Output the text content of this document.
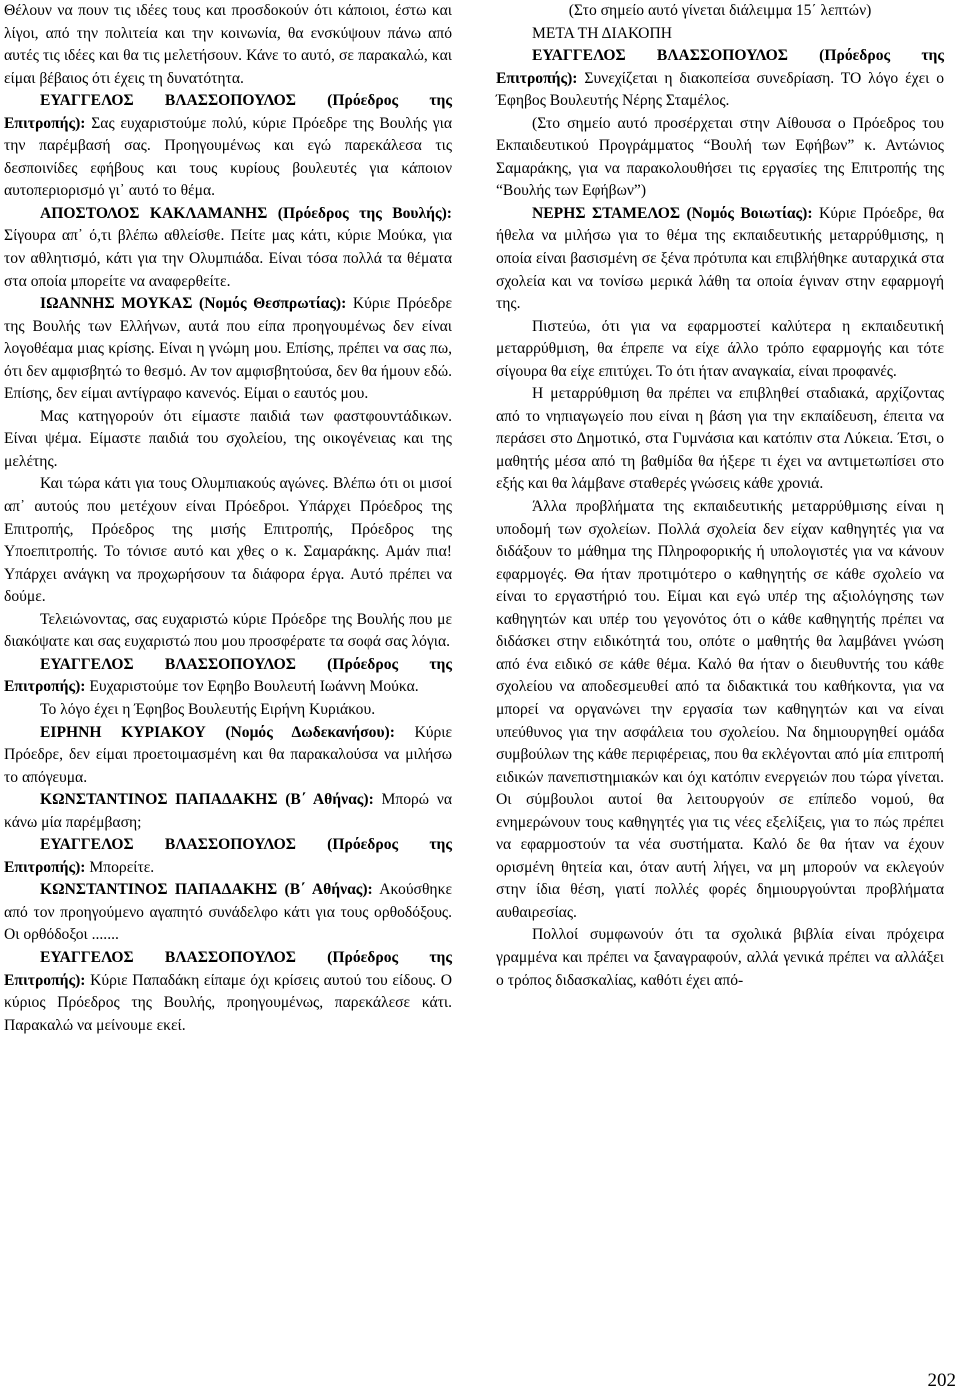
Θέλουν να πουν τις ιδέες τους και προσδοκούν ότι κάποιοι, έστω και λίγοι, από την πολιτεία και την κοινωνία, θα ενσκύψουν πάνω από αυτές τις ιδέες και θα τις μελετήσουν. Κάνε το αυτό, σε παρακαλώ, και είμαι βέβαιος ότι έχεις τη δυνατότητα.

ΕΥΑΓΓΕΛΟΣ ΒΛΑΣΣΟΠΟΥΛΟΣ (Πρόεδρος της Επιτροπής): Σας ευχαριστούμε πολύ, κύριε Πρόεδρε της Βουλής για την παρέμβασή σας. Προηγουμένως και εγώ παρεκάλεσα τις δεσποινίδες εφήβους και τους κυρίους βουλευτές για κάποιον αυτοπεριορισμό γι᾽ αυτό το θέμα.

ΑΠΟΣΤΟΛΟΣ ΚΑΚΛΑΜΑΝΗΣ (Πρόεδρος της Βουλής): Σίγουρα απ᾽ ό,τι βλέπω αθλείσθε. Πείτε μας κάτι, κύριε Μούκα, για τον αθλητισμό, κάτι για την Ολυμπιάδα. Είναι τόσα πολλά τα θέματα στα οποία μπορείτε να αναφερθείτε.

ΙΩΑΝΝΗΣ ΜΟΥΚΑΣ (Νομός Θεσπρωτίας): Κύριε Πρόεδρε της Βουλής των Ελλήνων, αυτά που είπα προηγουμένως δεν είναι λογοθέαμα μιας κρίσης. Είναι η γνώμη μου. Επίσης, πρέπει να σας πω, ότι δεν αμφισβητώ το θεσμό. Αν τον αμφισβητούσα, δεν θα ήμουν εδώ. Επίσης, δεν είμαι αντίγραφο κανενός. Είμαι ο εαυτός μου.

Μας κατηγορούν ότι είμαστε παιδιά των φαστφουντάδικων. Είναι ψέμα. Είμαστε παιδιά του σχολείου, της οικογένειας και της μελέτης.

Και τώρα κάτι για τους Ολυμπιακούς αγώνες. Βλέπω ότι οι μισοί απ᾽ αυτούς που μετέχουν είναι Πρόεδροι. Υπάρχει Πρόεδρος της Επιτροπής, Πρόεδρος της μισής Επιτροπής, Πρόεδρος της Υποεπιτροπής. Το τόνισε αυτό και χθες ο κ. Σαμαράκης. Αμάν πια! Υπάρχει ανάγκη να προχωρήσουν τα διάφορα έργα. Αυτό πρέπει να δούμε.

Τελειώνοντας, σας ευχαριστώ κύριε Πρόεδρε της Βουλής που με διακόψατε και σας ευχαριστώ που μου προσφέρατε τα σοφά σας λόγια.

ΕΥΑΓΓΕΛΟΣ ΒΛΑΣΣΟΠΟΥΛΟΣ (Πρόεδρος της Επιτροπής): Ευχαριστούμε τον Εφηβο Βουλευτή Ιωάννη Μούκα.

Το λόγο έχει η Έφηβος Βουλευτής Ειρήνη Κυριάκου.

ΕΙΡΗΝΗ ΚΥΡΙΑΚΟΥ (Νομός Δωδεκανήσου): Κύριε Πρόεδρε, δεν είμαι προετοιμασμένη και θα παρακαλούσα να μιλήσω το απόγευμα.

ΚΩΝΣΤΑΝΤΙΝΟΣ ΠΑΠΑΔΑΚΗΣ (Β΄ Αθήνας): Μπορώ να κάνω μία παρέμβαση;

ΕΥΑΓΓΕΛΟΣ ΒΛΑΣΣΟΠΟΥΛΟΣ (Πρόεδρος της Επιτροπής): Μπορείτε.

ΚΩΝΣΤΑΝΤΙΝΟΣ ΠΑΠΑΔΑΚΗΣ (Β΄ Αθήνας): Ακούσθηκε από τον προηγούμενο αγαπητό συνάδελφο κάτι για τους ορθοδόξους. Οι ορθόδοξοι .......

ΕΥΑΓΓΕΛΟΣ ΒΛΑΣΣΟΠΟΥΛΟΣ (Πρόεδρος της Επιτροπής): Κύριε Παπαδάκη είπαμε όχι κρίσεις αυτού του είδους. Ο κύριος Πρόεδρος της Βουλής, προηγουμένως, παρεκάλεσε κάτι. Παρακαλώ να μείνουμε εκεί.

(Στο σημείο αυτό γίνεται διάλειμμα 15΄ λεπτών)

ΜΕΤΑ ΤΗ ΔΙΑΚΟΠΗ

ΕΥΑΓΓΕΛΟΣ ΒΛΑΣΣΟΠΟΥΛΟΣ (Πρόεδρος της Επιτροπής): Συνεχίζεται η διακοπείσα συνεδρίαση. ΤΟ λόγο έχει ο Έφηβος Βουλευτής Νέρης Σταμέλος.

(Στο σημείο αυτό προσέρχεται στην Αίθουσα ο Πρόεδρος του Εκπαιδευτικού Προγράμματος “Βουλή των Εφήβων” κ. Αντώνιος Σαμαράκης, για να παρακολουθήσει τις εργασίες της Επιτροπής της “Βουλής των Εφήβων”)

ΝΕΡΗΣ ΣΤΑΜΕΛΟΣ (Νομός Βοιωτίας): Κύριε Πρόεδρε, θα ήθελα να μιλήσω για το θέμα της εκπαιδευτικής μεταρρύθμισης, η οποία είναι βασισμένη σε ξένα πρότυπα και επιβλήθηκε αυταρχικά στα σχολεία και να τονίσω μερικά λάθη τα οποία έγιναν στην εφαρμογή της.

Πιστεύω, ότι για να εφαρμοστεί καλύτερα η εκπαιδευτική μεταρρύθμιση, θα έπρεπε να είχε άλλο τρόπο εφαρμογής και τότε σίγουρα θα είχε επιτύχει. Το ότι ήταν αναγκαία, είναι προφανές.

Η μεταρρύθμιση θα πρέπει να επιβληθεί σταδιακά, αρχίζοντας από το νηπιαγωγείο που είναι η βάση για την εκπαίδευση, έπειτα να περάσει στο Δημοτικό, στα Γυμνάσια και κατόπιν στα Λύκεια. Έτσι, ο μαθητής μέσα από τη βαθμίδα θα ήξερε τι έχει να αντιμετωπίσει στο εξής και θα λάμβανε σταθερές γνώσεις κάθε χρονιά.

Άλλα προβλήματα της εκπαιδευτικής μεταρρύθμισης είναι η υποδομή των σχολείων. Πολλά σχολεία δεν είχαν καθηγητές για να διδάξουν το μάθημα της Πληροφορικής ή υπολογιστές για να κάνουν εφαρμογές. Θα ήταν προτιμότερο ο καθηγητής σε κάθε σχολείο να είναι το εργαστήριό του. Είμαι και εγώ υπέρ της αξιολόγησης των καθηγητών και υπέρ του γεγονότος ότι ο κάθε καθηγητής πρέπει να διδάσκει στην ειδικότητά του, οπότε ο μαθητής θα λαμβάνει γνώση από ένα ειδικό σε κάθε θέμα. Καλό θα ήταν ο διευθυντής του κάθε σχολείου να αποδεσμευθεί από τα διδακτικά του καθήκοντα, για να μπορεί να οργανώνει την εργασία των καθηγητών και να είναι υπεύθυνος για την ασφάλεια του σχολείου. Να δημιουργηθεί ομάδα συμβούλων της κάθε περιφέρειας, που θα εκλέγονται από μία επιτροπή ειδικών πανεπιστημιακών και όχι κατόπιν ενεργειών που τώρα γίνεται. Οι σύμβουλοι αυτοί θα λειτουργούν σε επίπεδο νομού, θα ενημερώνουν τους καθηγητές για τις νέες εξελίξεις, για το πώς πρέπει να εφαρμοστούν τα νέα συστήματα. Καλό δε θα ήταν να έχουν ορισμένη θητεία και, όταν αυτή λήγει, να μη μπορούν να εκλεγούν στην ίδια θέση, γιατί πολλές φορές δημιουργούνται προβλήματα αυθαιρεσίας.

Πολλοί συμφωνούν ότι τα σχολικά βιβλία είναι πρόχειρα γραμμένα και πρέπει να ξαναγραφούν, αλλά γενικά πρέπει να αλλάξει ο τρόπος διδασκαλίας, καθότι έχει από-

202
